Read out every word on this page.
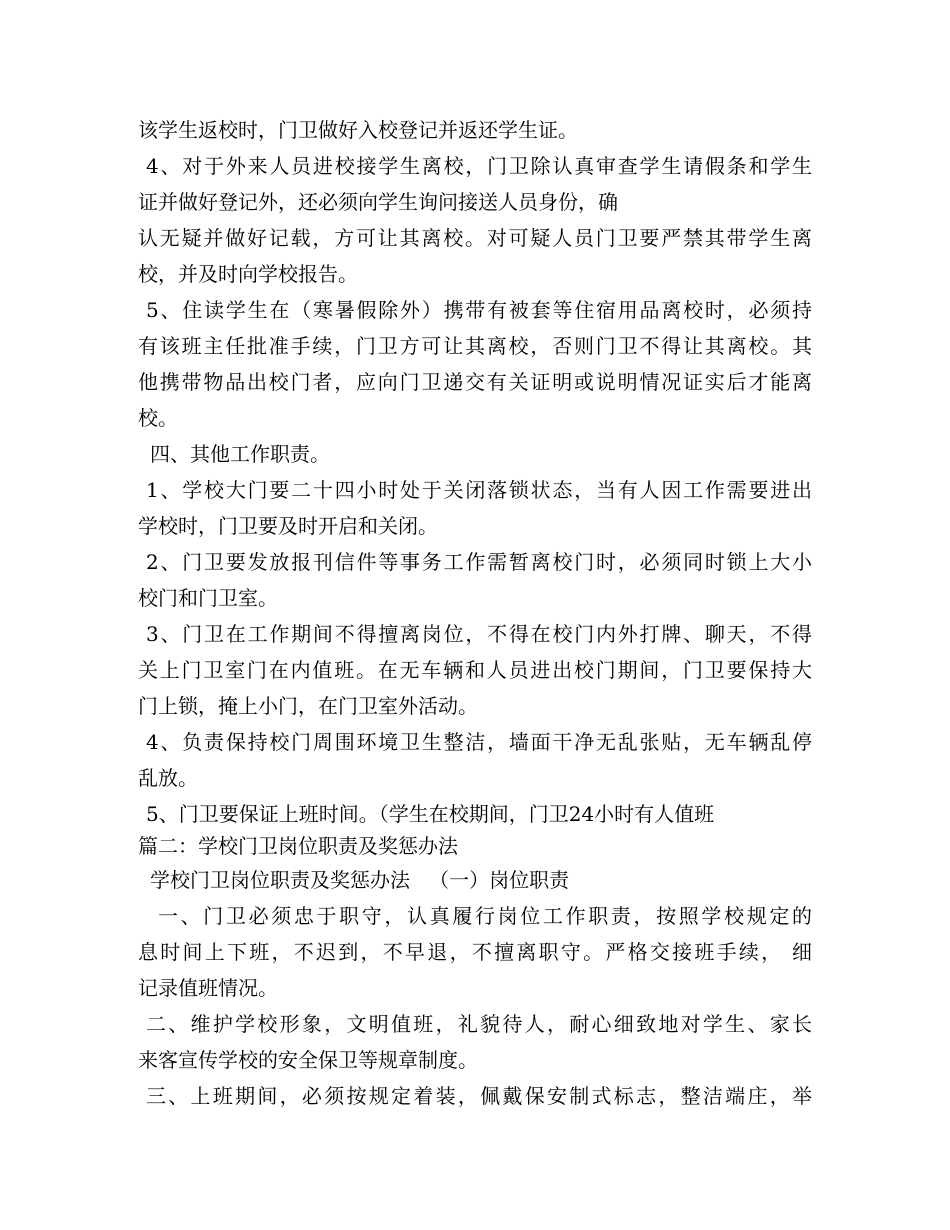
该学生返校时，门卫做好入校登记并返还学生证。
4、对于外来人员进校接学生离校，门卫除认真审查学生请假条和学生
证并做好登记外，还必须向学生询问接送人员身份，确
认无疑并做好记载，方可让其离校。对可疑人员门卫要严禁其带学生离
校，并及时向学校报告。
5、住读学生在（寒暑假除外）携带有被套等住宿用品离校时，必须持
有该班主任批准手续，门卫方可让其离校，否则门卫不得让其离校。其
他携带物品出校门者，应向门卫递交有关证明或说明情况证实后才能离
校。
四、其他工作职责。
1、学校大门要二十四小时处于关闭落锁状态，当有人因工作需要进出
学校时，门卫要及时开启和关闭。
2、门卫要发放报刊信件等事务工作需暂离校门时，必须同时锁上大小
校门和门卫室。
3、门卫在工作期间不得擅离岗位，不得在校门内外打牌、聊天，不得
关上门卫室门在内值班。在无车辆和人员进出校门期间，门卫要保持大
门上锁，掩上小门，在门卫室外活动。
4、负责保持校门周围环境卫生整洁，墙面干净无乱张贴，无车辆乱停
乱放。
5、门卫要保证上班时间。（学生在校期间，门卫24小时有人值班
篇二：学校门卫岗位职责及奖惩办法
学校门卫岗位职责及奖惩办法   （一）岗位职责
一、门卫必须忠于职守，认真履行岗位工作职责，按照学校规定的
息时间上下班，不迟到，不早退，不擅离职守。严格交接班手续， 细
记录值班情况。
二、维护学校形象，文明值班，礼貌待人，耐心细致地对学生、家长
来客宣传学校的安全保卫等规章制度。
三、上班期间，必须按规定着装，佩戴保安制式标志，整洁端庄，举
